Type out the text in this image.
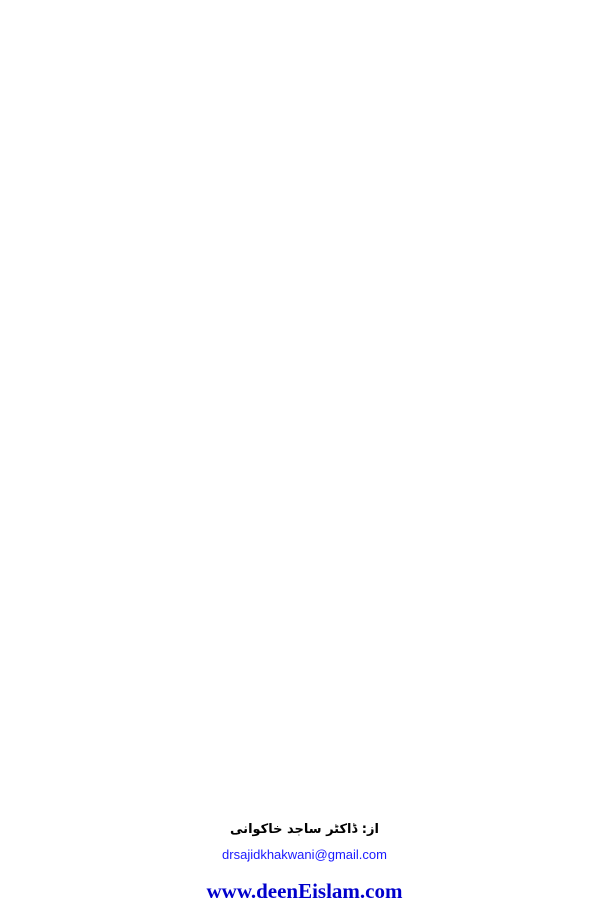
از: ڈاکٹر ساجد خاکوانی
drsajidkhakwani@gmail.com
www.deenEislam.com
